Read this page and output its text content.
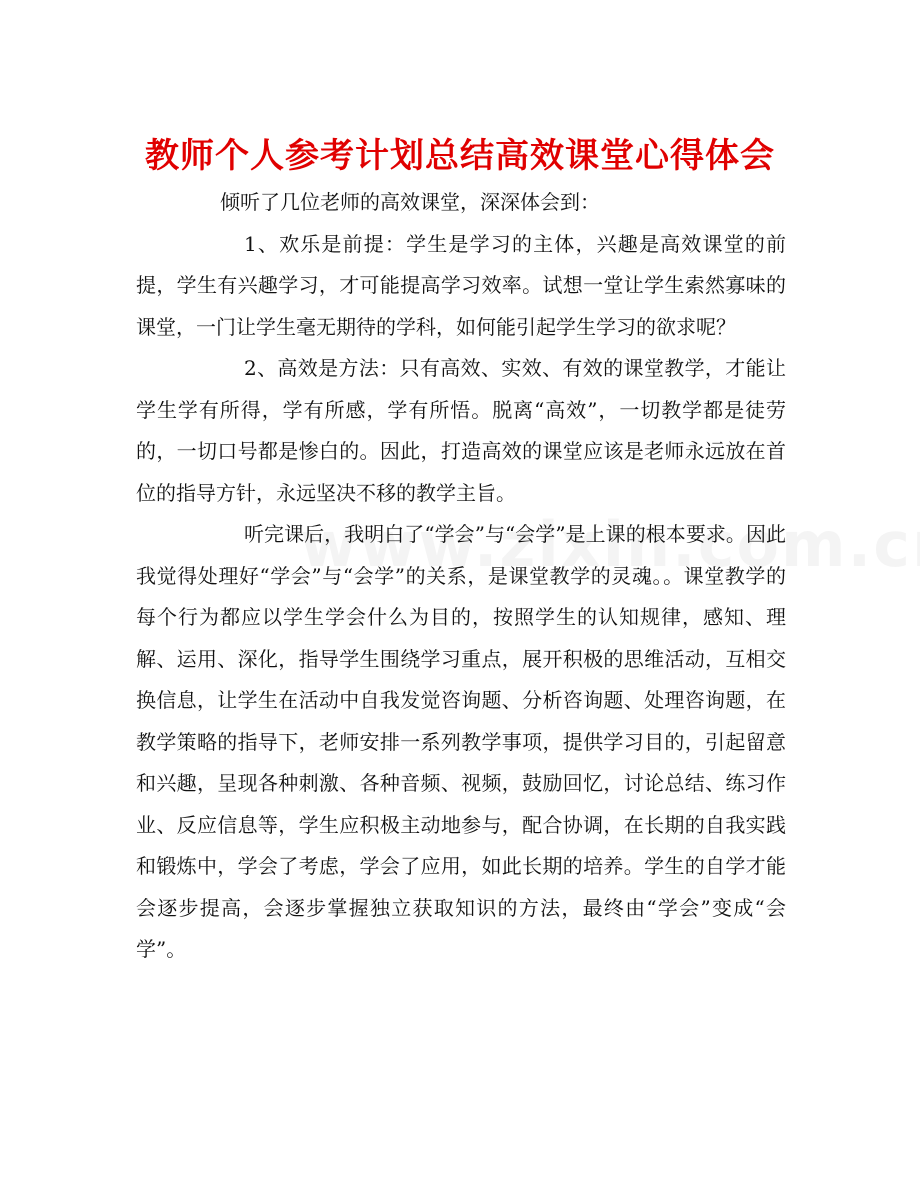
教师个人参考计划总结高效课堂心得体会

倾听了几位老师的高效课堂，深深体会到：

1、欢乐是前提：学生是学习的主体，兴趣是高效课堂的前提，学生有兴趣学习，才可能提高学习效率。试想一堂让学生索然寡味的课堂，一门让学生毫无期待的学科，如何能引起学生学习的欲求呢？

2、高效是方法：只有高效、实效、有效的课堂教学，才能让学生学有所得，学有所感，学有所悟。脱离“高效”，一切教学都是徒劳的，一切口号都是惨白的。因此，打造高效的课堂应该是老师永远放在首位的指导方针，永远坚决不移的教学主旨。

听完课后，我明白了“学会”与“会学”是上课的根本要求。因此我觉得处理好“学会”与“会学”的关系，是课堂教学的灵魂。。课堂教学的每个行为都应以学生学会什么为目的，按照学生的认知规律，感知、理解、运用、深化，指导学生围绕学习重点，展开积极的思维活动，互相交换信息，让学生在活动中自我发觉咨询题、分析咨询题、处理咨询题，在教学策略的指导下，老师安排一系列教学事项，提供学习目的，引起留意和兴趣，呈现各种刺激、各种音频、视频，鼓励回忆，讨论总结、练习作业、反应信息等，学生应积极主动地参与，配合协调，在长期的自我实践和锻炼中，学会了考虑，学会了应用，如此长期的培养。学生的自学才能会逐步提高，会逐步掌握独立获取知识的方法，最终由“学会”变成“会学”。
